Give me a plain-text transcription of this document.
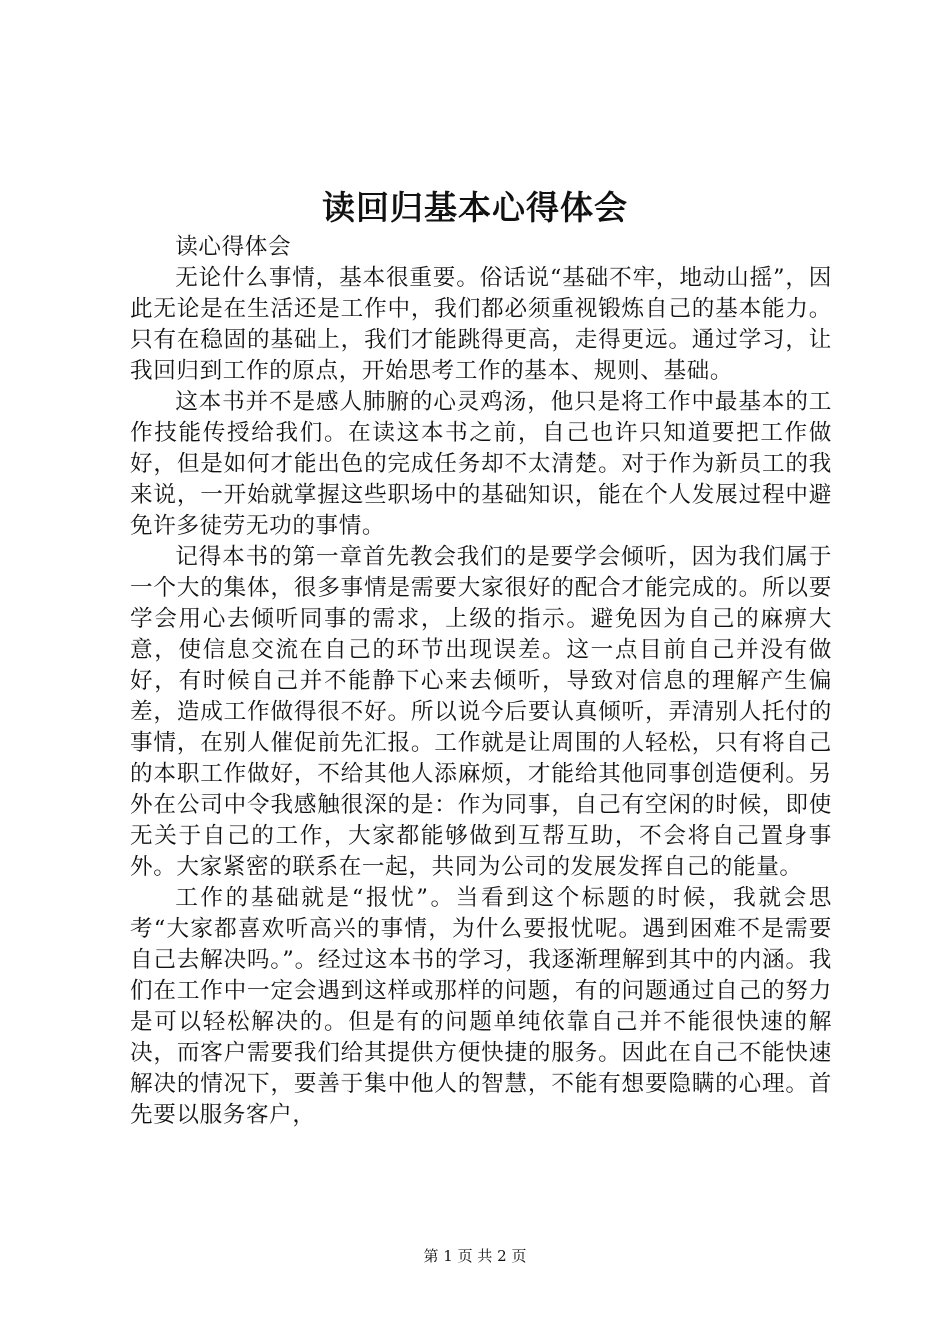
读回归基本心得体会

读心得体会

无论什么事情，基本很重要。俗话说“基础不牢，地动山摇”，因此无论是在生活还是工作中，我们都必须重视锻炼自己的基本能力。只有在稳固的基础上，我们才能跳得更高，走得更远。通过学习，让我回归到工作的原点，开始思考工作的基本、规则、基础。

这本书并不是感人肺腑的心灵鸡汤，他只是将工作中最基本的工作技能传授给我们。在读这本书之前，自己也许只知道要把工作做好，但是如何才能出色的完成任务却不太清楚。对于作为新员工的我来说，一开始就掌握这些职场中的基础知识，能在个人发展过程中避免许多徒劳无功的事情。

记得本书的第一章首先教会我们的是要学会倾听，因为我们属于一个大的集体，很多事情是需要大家很好的配合才能完成的。所以要学会用心去倾听同事的需求，上级的指示。避免因为自己的麻痹大意，使信息交流在自己的环节出现误差。这一点目前自己并没有做好，有时候自己并不能静下心来去倾听，导致对信息的理解产生偏差，造成工作做得很不好。所以说今后要认真倾听，弄清别人托付的事情，在别人催促前先汇报。工作就是让周围的人轻松，只有将自己的本职工作做好，不给其他人添麻烦，才能给其他同事创造便利。另外在公司中令我感触很深的是：作为同事，自己有空闲的时候，即使无关于自己的工作，大家都能够做到互帮互助，不会将自己置身事外。大家紧密的联系在一起，共同为公司的发展发挥自己的能量。

工作的基础就是“报忧”。当看到这个标题的时候，我就会思考“大家都喜欢听高兴的事情，为什么要报忧呢。遇到困难不是需要自己去解决吗。”。经过这本书的学习，我逐渐理解到其中的内涵。我们在工作中一定会遇到这样或那样的问题，有的问题通过自己的努力是可以轻松解决的。但是有的问题单纯依靠自己并不能很快速的解决，而客户需要我们给其提供方便快捷的服务。因此在自己不能快速解决的情况下，要善于集中他人的智慧，不能有想要隐瞒的心理。首先要以服务客户，

第 1 页 共 2 页
